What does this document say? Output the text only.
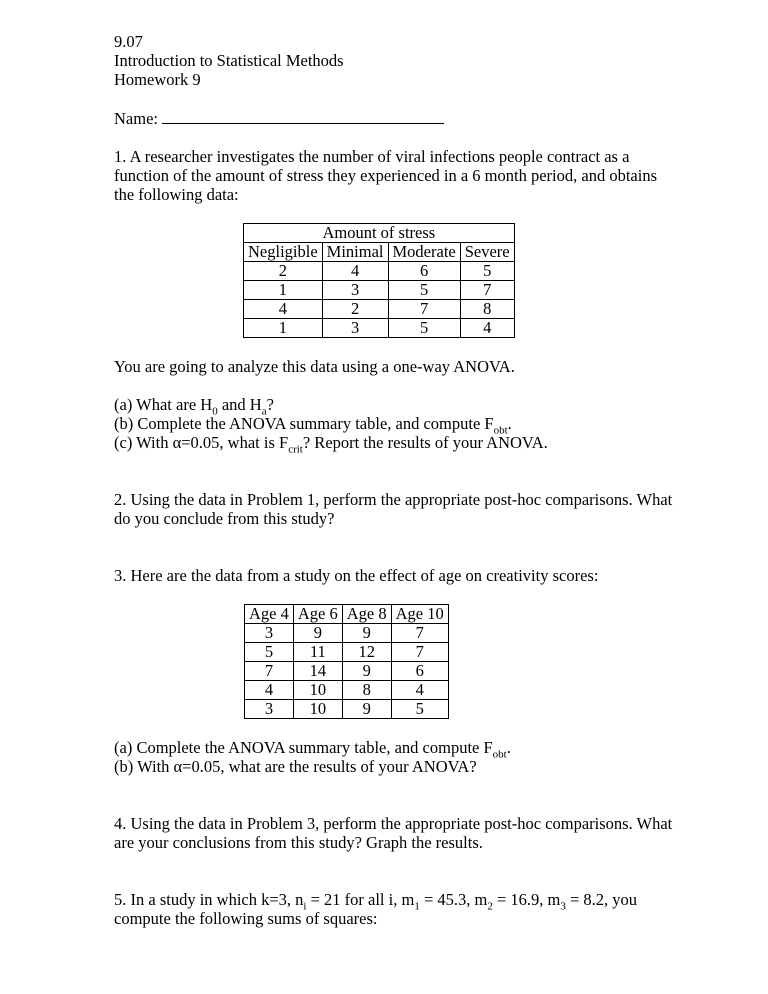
9.07

Introduction to Statistical Methods

Homework 9

Name:

1. A researcher investigates the number of viral infections people contract as a function of the amount of stress they experienced in a 6 month period, and obtains the following data:

Amount of stress			
Negligible	Minimal	Moderate	Severe
2	4	6	5
1	3	5	7
4	2	7	8
1	3	5	4

You are going to analyze this data using a one-way ANOVA.

(a) What are $H_0$ and $H_a$?

(b) Complete the ANOVA summary table, and compute $F_{obt}$.

(c) With α=0.05, what is $F_{crit}$? Report the results of your ANOVA.

2. Using the data in Problem 1, perform the appropriate post-hoc comparisons. What do you conclude from this study?

3. Here are the data from a study on the effect of age on creativity scores:

Age 4	Age 6	Age 8	Age 10
3	9	9	7
5	11	12	7
7	14	9	6
4	10	8	4
3	10	9	5

(a) Complete the ANOVA summary table, and compute $F_{obt}$.

(b) With α=0.05, what are the results of your ANOVA?

4. Using the data in Problem 3, perform the appropriate post-hoc comparisons. What are your conclusions from this study? Graph the results.

5. In a study in which k=3, $n_i = 21$ for all i, $m_1 = 45.3$, $m_2 = 16.9$, $m_3 = 8.2$, you compute the following sums of squares:
